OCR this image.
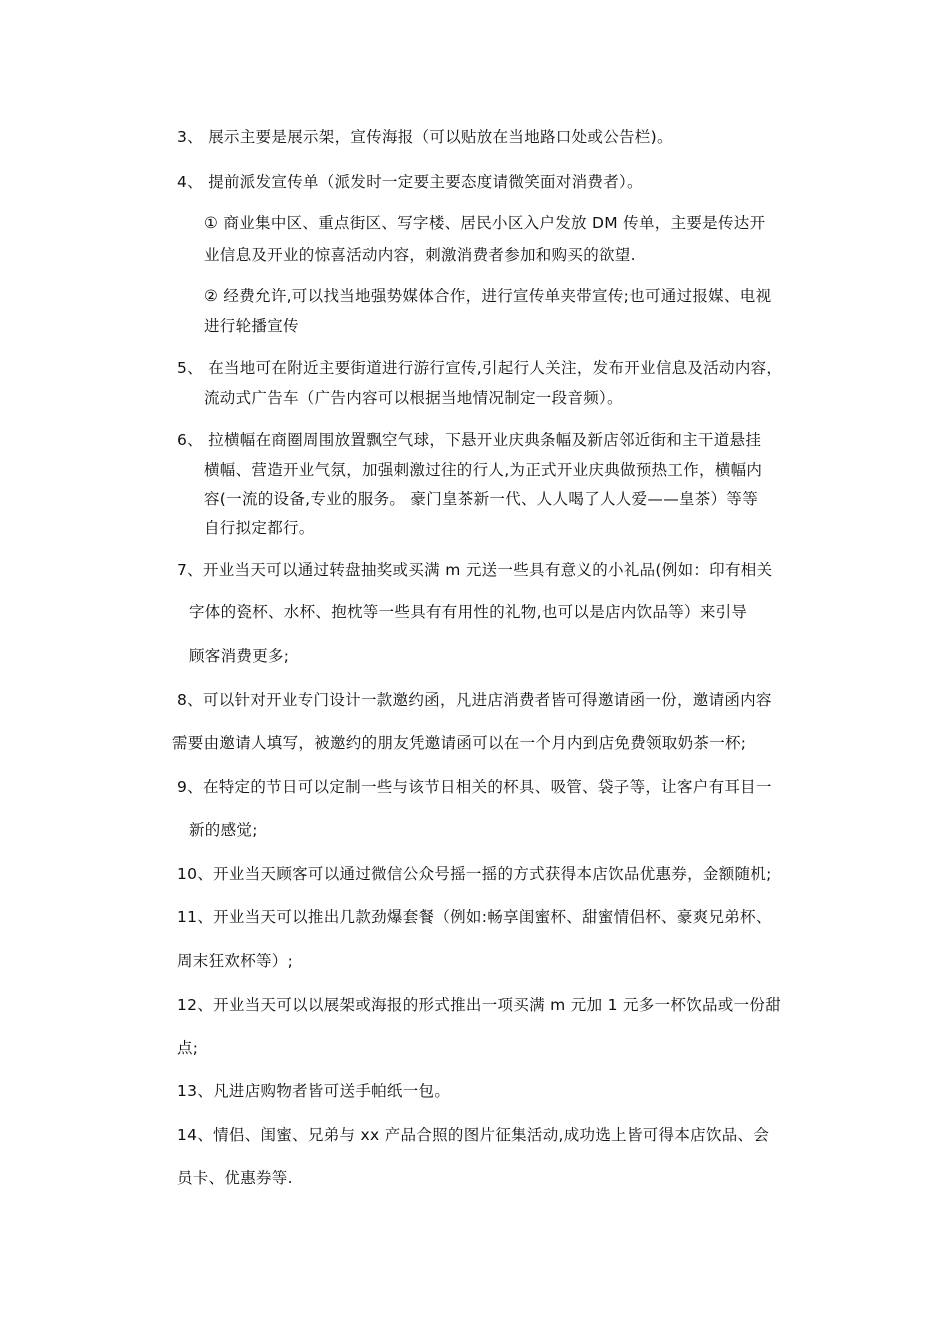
3、 展示主要是展示架，宣传海报（可以贴放在当地路口处或公告栏)。

4、 提前派发宣传单（派发时一定要主要态度请微笑面对消费者）。

① 商业集中区、重点街区、写字楼、居民小区入户发放 DM 传单，主要是传达开

业信息及开业的惊喜活动内容，刺激消费者参加和购买的欲望.

② 经费允许,可以找当地强势媒体合作，进行宣传单夹带宣传;也可通过报媒、电视

进行轮播宣传

5、 在当地可在附近主要街道进行游行宣传,引起行人关注，发布开业信息及活动内容，

流动式广告车（广告内容可以根据当地情况制定一段音频）。

6、 拉横幅在商圈周围放置飘空气球，下悬开业庆典条幅及新店邻近街和主干道悬挂

横幅、营造开业气氛，加强刺激过往的行人,为正式开业庆典做预热工作，横幅内

容(一流的设备,专业的服务。 豪门皇茶新一代、人人喝了人人爱——皇茶）等等

自行拟定都行。

7、开业当天可以通过转盘抽奖或买满 m 元送一些具有意义的小礼品(例如：印有相关

字体的瓷杯、水杯、抱枕等一些具有有用性的礼物,也可以是店内饮品等）来引导

顾客消费更多;

8、可以针对开业专门设计一款邀约函，凡进店消费者皆可得邀请函一份，邀请函内容

需要由邀请人填写，被邀约的朋友凭邀请函可以在一个月内到店免费领取奶茶一杯;

9、在特定的节日可以定制一些与该节日相关的杯具、吸管、袋子等，让客户有耳目一

新的感觉;

10、开业当天顾客可以通过微信公众号摇一摇的方式获得本店饮品优惠券，金额随机;

11、开业当天可以推出几款劲爆套餐（例如:畅享闺蜜杯、甜蜜情侣杯、豪爽兄弟杯、

周末狂欢杯等）;

12、开业当天可以以展架或海报的形式推出一项买满 m 元加 1 元多一杯饮品或一份甜

点;

13、凡进店购物者皆可送手帕纸一包。

14、情侣、闺蜜、兄弟与 xx 产品合照的图片征集活动,成功选上皆可得本店饮品、会

员卡、优惠券等.
